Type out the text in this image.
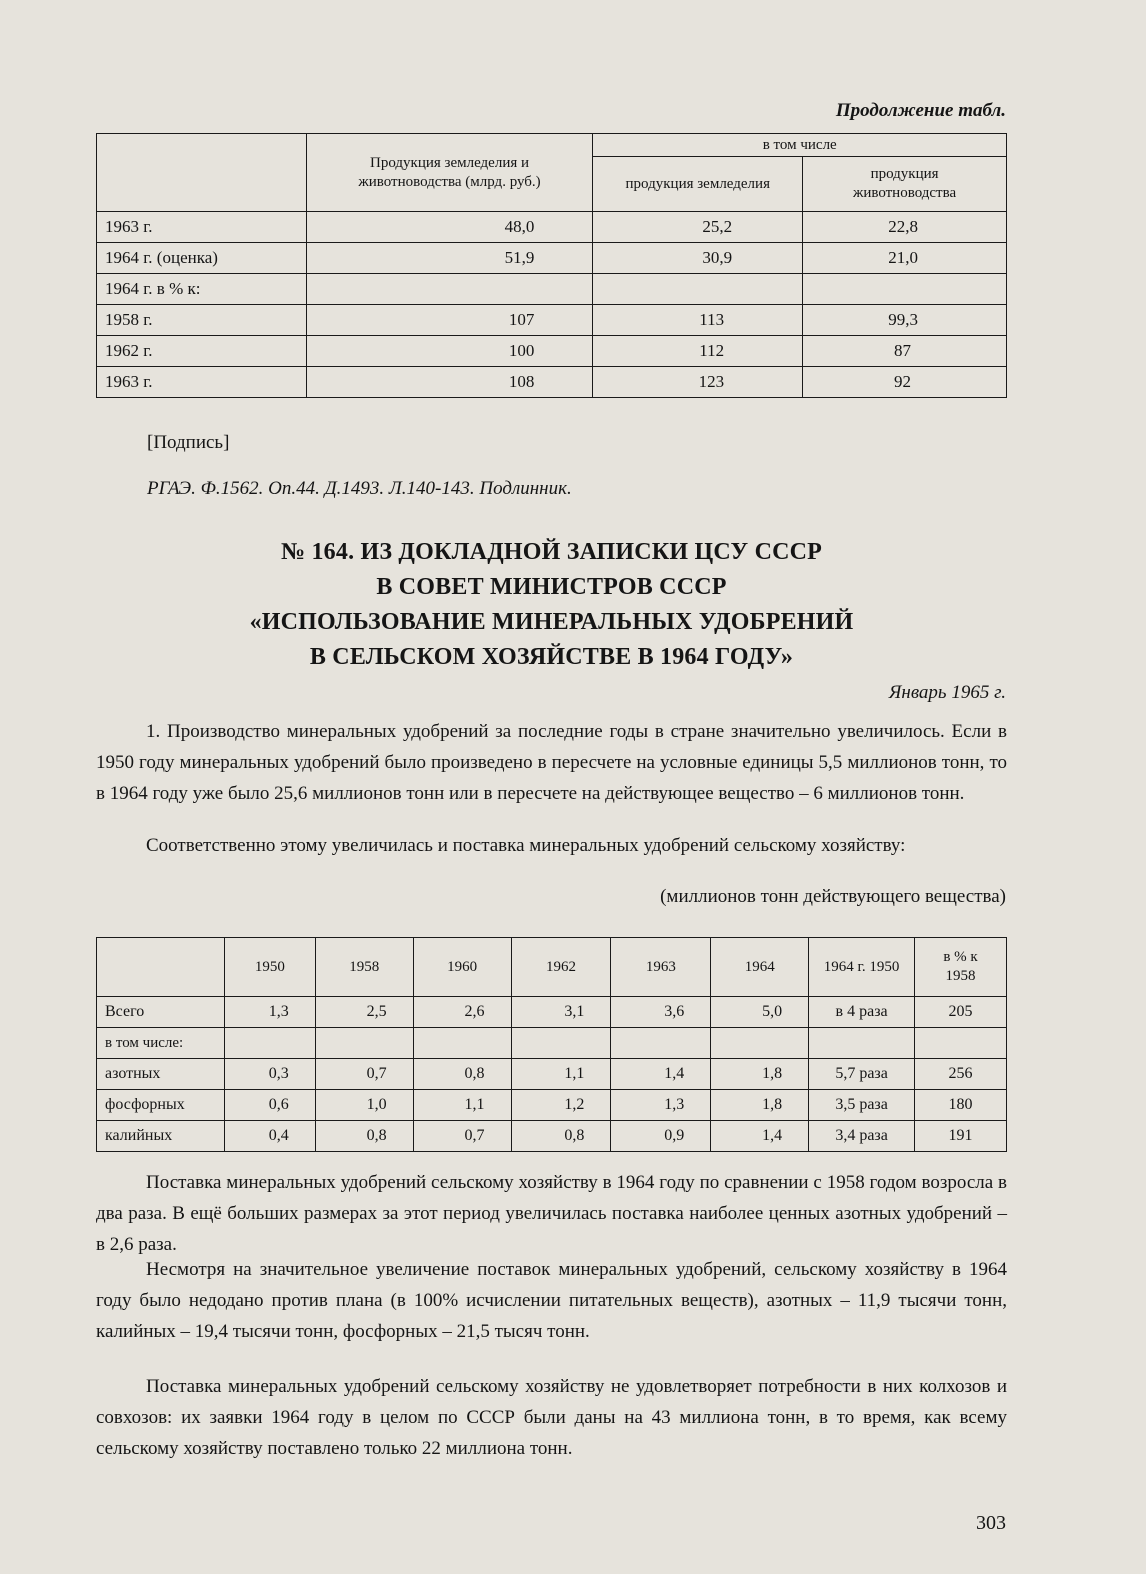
Продолжение табл.
	Продукция земледелия и животноводства (млрд. руб.)	в том числе	
		продукция земледелия	продукция животноводства
1963 г.	48,0	25,2	22,8
1964 г. (оценка)	51,9	30,9	21,0
1964 г. в % к:			
1958 г.	107	113	99,3
1962 г.	100	112	87
1963 г.	108	123	92
[Подпись]
РГАЭ. Ф.1562. Оп.44. Д.1493. Л.140-143. Подлинник.
№ 164. ИЗ ДОКЛАДНОЙ ЗАПИСКИ ЦСУ СССР
В СОВЕТ МИНИСТРОВ СССР
«ИСПОЛЬЗОВАНИЕ МИНЕРАЛЬНЫХ УДОБРЕНИЙ
В СЕЛЬСКОМ ХОЗЯЙСТВЕ В 1964 ГОДУ»
Январь 1965 г.
1. Производство минеральных удобрений за последние годы в стране значительно увеличилось. Если в 1950 году минеральных удобрений было произведено в пересчете на условные единицы 5,5 миллионов тонн, то в 1964 году уже было 25,6 миллионов тонн или в пересчете на действующее вещество – 6 миллионов тонн.
Соответственно этому увеличилась и поставка минеральных удобрений сельскому хозяйству:
(миллионов тонн действующего вещества)
	1950	1958	1960	1962	1963	1964	1964 г. 1950	в % к 1958
Всего	1,3	2,5	2,6	3,1	3,6	5,0	в 4 раза	205
в том числе:								
азотных	0,3	0,7	0,8	1,1	1,4	1,8	5,7 раза	256
фосфорных	0,6	1,0	1,1	1,2	1,3	1,8	3,5 раза	180
калийных	0,4	0,8	0,7	0,8	0,9	1,4	3,4 раза	191
Поставка минеральных удобрений сельскому хозяйству в 1964 году по сравнении с 1958 годом возросла в два раза. В ещё больших размерах за этот период увеличилась поставка наиболее ценных азотных удобрений – в 2,6 раза.
Несмотря на значительное увеличение поставок минеральных удобрений, сельскому хозяйству в 1964 году было недодано против плана (в 100% исчислении питательных веществ), азотных – 11,9 тысячи тонн, калийных – 19,4 тысячи тонн, фосфорных – 21,5 тысяч тонн.
Поставка минеральных удобрений сельскому хозяйству не удовлетворяет потребности в них колхозов и совхозов: их заявки 1964 году в целом по СССР были даны на 43 миллиона тонн, в то время, как всему сельскому хозяйству поставлено только 22 миллиона тонн.
303
